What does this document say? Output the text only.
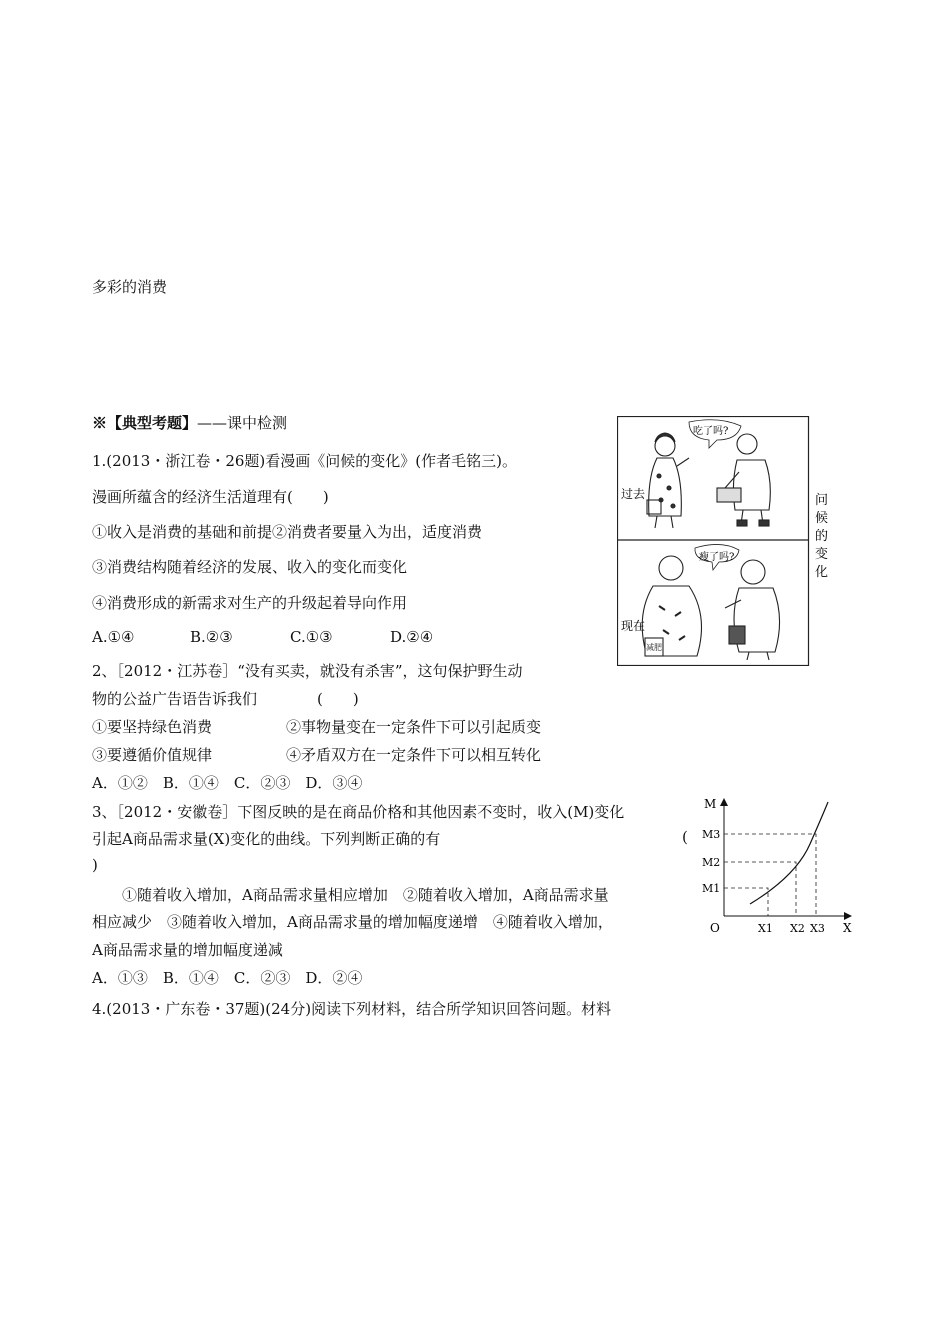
多彩的消费
※【典型考题】——课中检测
1.(2013・浙江卷・26题)看漫画《问候的变化》(作者毛铭三)。
漫画所蕴含的经济生活道理有(　　)
①收入是消费的基础和前提②消费者要量入为出，适度消费
③消费结构随着经济的发展、收入的变化而变化
④消费形成的新需求对生产的升级起着导向作用
A.①④	B.②③	C.①③	D.②④
吃了吗?
过去
减肥
瘦了吗?
现在
问
候
的
变
化
2、［2012・江苏卷］“没有买卖，就没有杀害”，这句保护野生动
物的公益广告语告诉我们　　　　(　　)
①要坚持绿色消费	②事物量变在一定条件下可以引起质变
③要遵循价值规律	④矛盾双方在一定条件下可以相互转化
A．①②　B．①④　C．②③　D．③④
3、［2012・安徽卷］下图反映的是在商品价格和其他因素不变时，收入(M)变化
引起A商品需求量(X)变化的曲线。下列判断正确的有	(
)
①随着收入增加，A商品需求量相应增加　②随着收入增加，A商品需求量
相应减少　③随着收入增加，A商品需求量的增加幅度递增　④随着收入增加，
A商品需求量的增加幅度递减
A．①③　B．①④　C．②③　D．②④
M
X
O
M3
M2
M1
X1 X2 X3
4.(2013・广东卷・37题)(24分)阅读下列材料，结合所学知识回答问题。材料
